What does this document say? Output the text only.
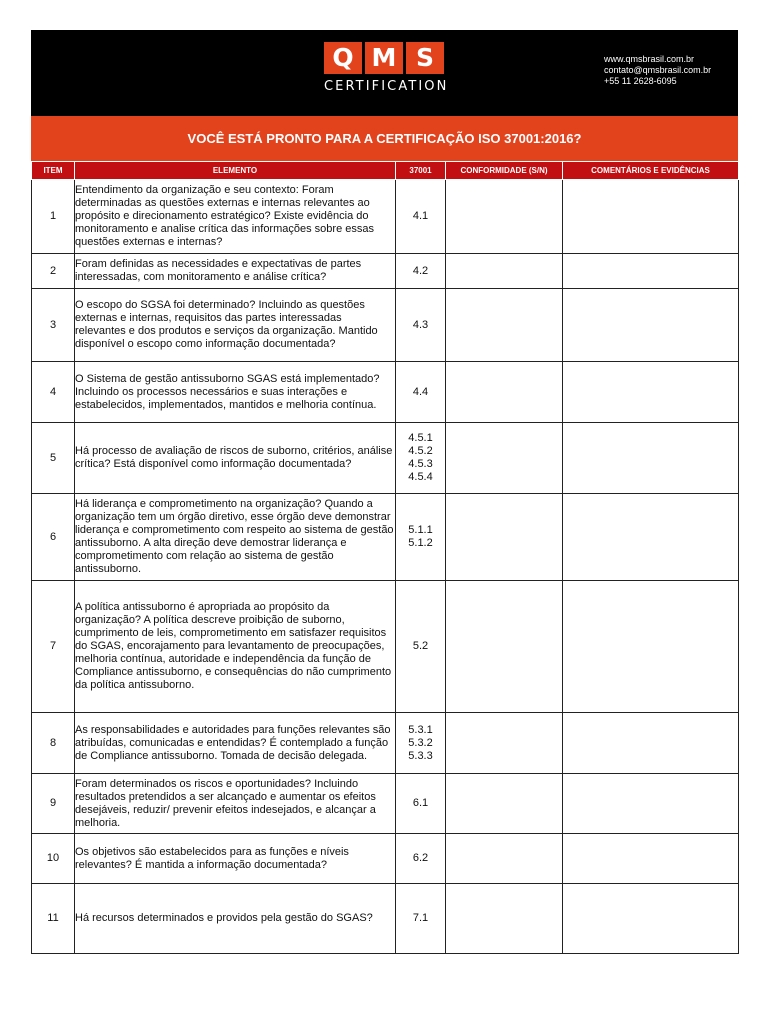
Q M S
CERTIFICATION
www.qmsbrasil.com.br
contato@qmsbrasil.com.br
+55 11 2628-6095
VOCÊ ESTÁ PRONTO PARA A CERTIFICAÇÃO ISO 37001:2016?
ITEM	ELEMENTO	37001	CONFORMIDADE (S/N)	COMENTÁRIOS E EVIDÊNCIAS
1	Entendimento da organização e seu contexto: Foram determinadas as questões externas e internas relevantes ao propósito e direcionamento estratégico? Existe evidência do monitoramento e analise crítica das informações sobre essas questões externas e internas?	4.1		

2	Foram definidas as necessidades e expectativas de partes interessadas, com monitoramento e análise crítica?	4.2		

3	O escopo do SGSA foi determinado? Incluindo as questões externas e internas, requisitos das partes interessadas relevantes e dos produtos e serviços da organização. Mantido disponível o escopo como informação documentada?	4.3		

4	O Sistema de gestão antissuborno SGAS está implementado? Incluindo os processos necessários e suas interações e estabelecidos, implementados, mantidos e melhoria contínua.	4.4		

5	Há processo de avaliação de riscos de suborno, critérios, análise crítica? Está disponível como informação documentada?	4.5.1
4.5.2
4.5.3
4.5.4		

6	Há liderança e comprometimento na organização? Quando a organização tem um órgão diretivo, esse órgão deve demonstrar liderança e comprometimento com respeito ao sistema de gestão antissuborno. A alta direção deve demostrar liderança e comprometimento com relação ao sistema de gestão antissuborno.	5.1.1
5.1.2		

7	A política antissuborno é apropriada ao propósito da organização? A política descreve proibição de suborno, cumprimento de leis, comprometimento em satisfazer requisitos do SGAS, encorajamento para levantamento de preocupações, melhoria contínua, autoridade e independência da função de Compliance antissuborno, e consequências do não cumprimento da política antissuborno.	5.2		

8	As responsabilidades e autoridades para funções relevantes são atribuídas, comunicadas e entendidas? É contemplado a função de Compliance antissuborno. Tomada de decisão delegada.	5.3.1
5.3.2
5.3.3		

9	Foram determinados os riscos e oportunidades? Incluindo resultados pretendidos a ser alcançado e aumentar os efeitos desejáveis, reduzir/ prevenir efeitos indesejados, e alcançar a melhoria.	6.1		

10	Os objetivos são estabelecidos para as funções e níveis relevantes? É mantida a informação documentada?	6.2		

11	Há recursos determinados e providos pela gestão do SGAS?	7.1		
